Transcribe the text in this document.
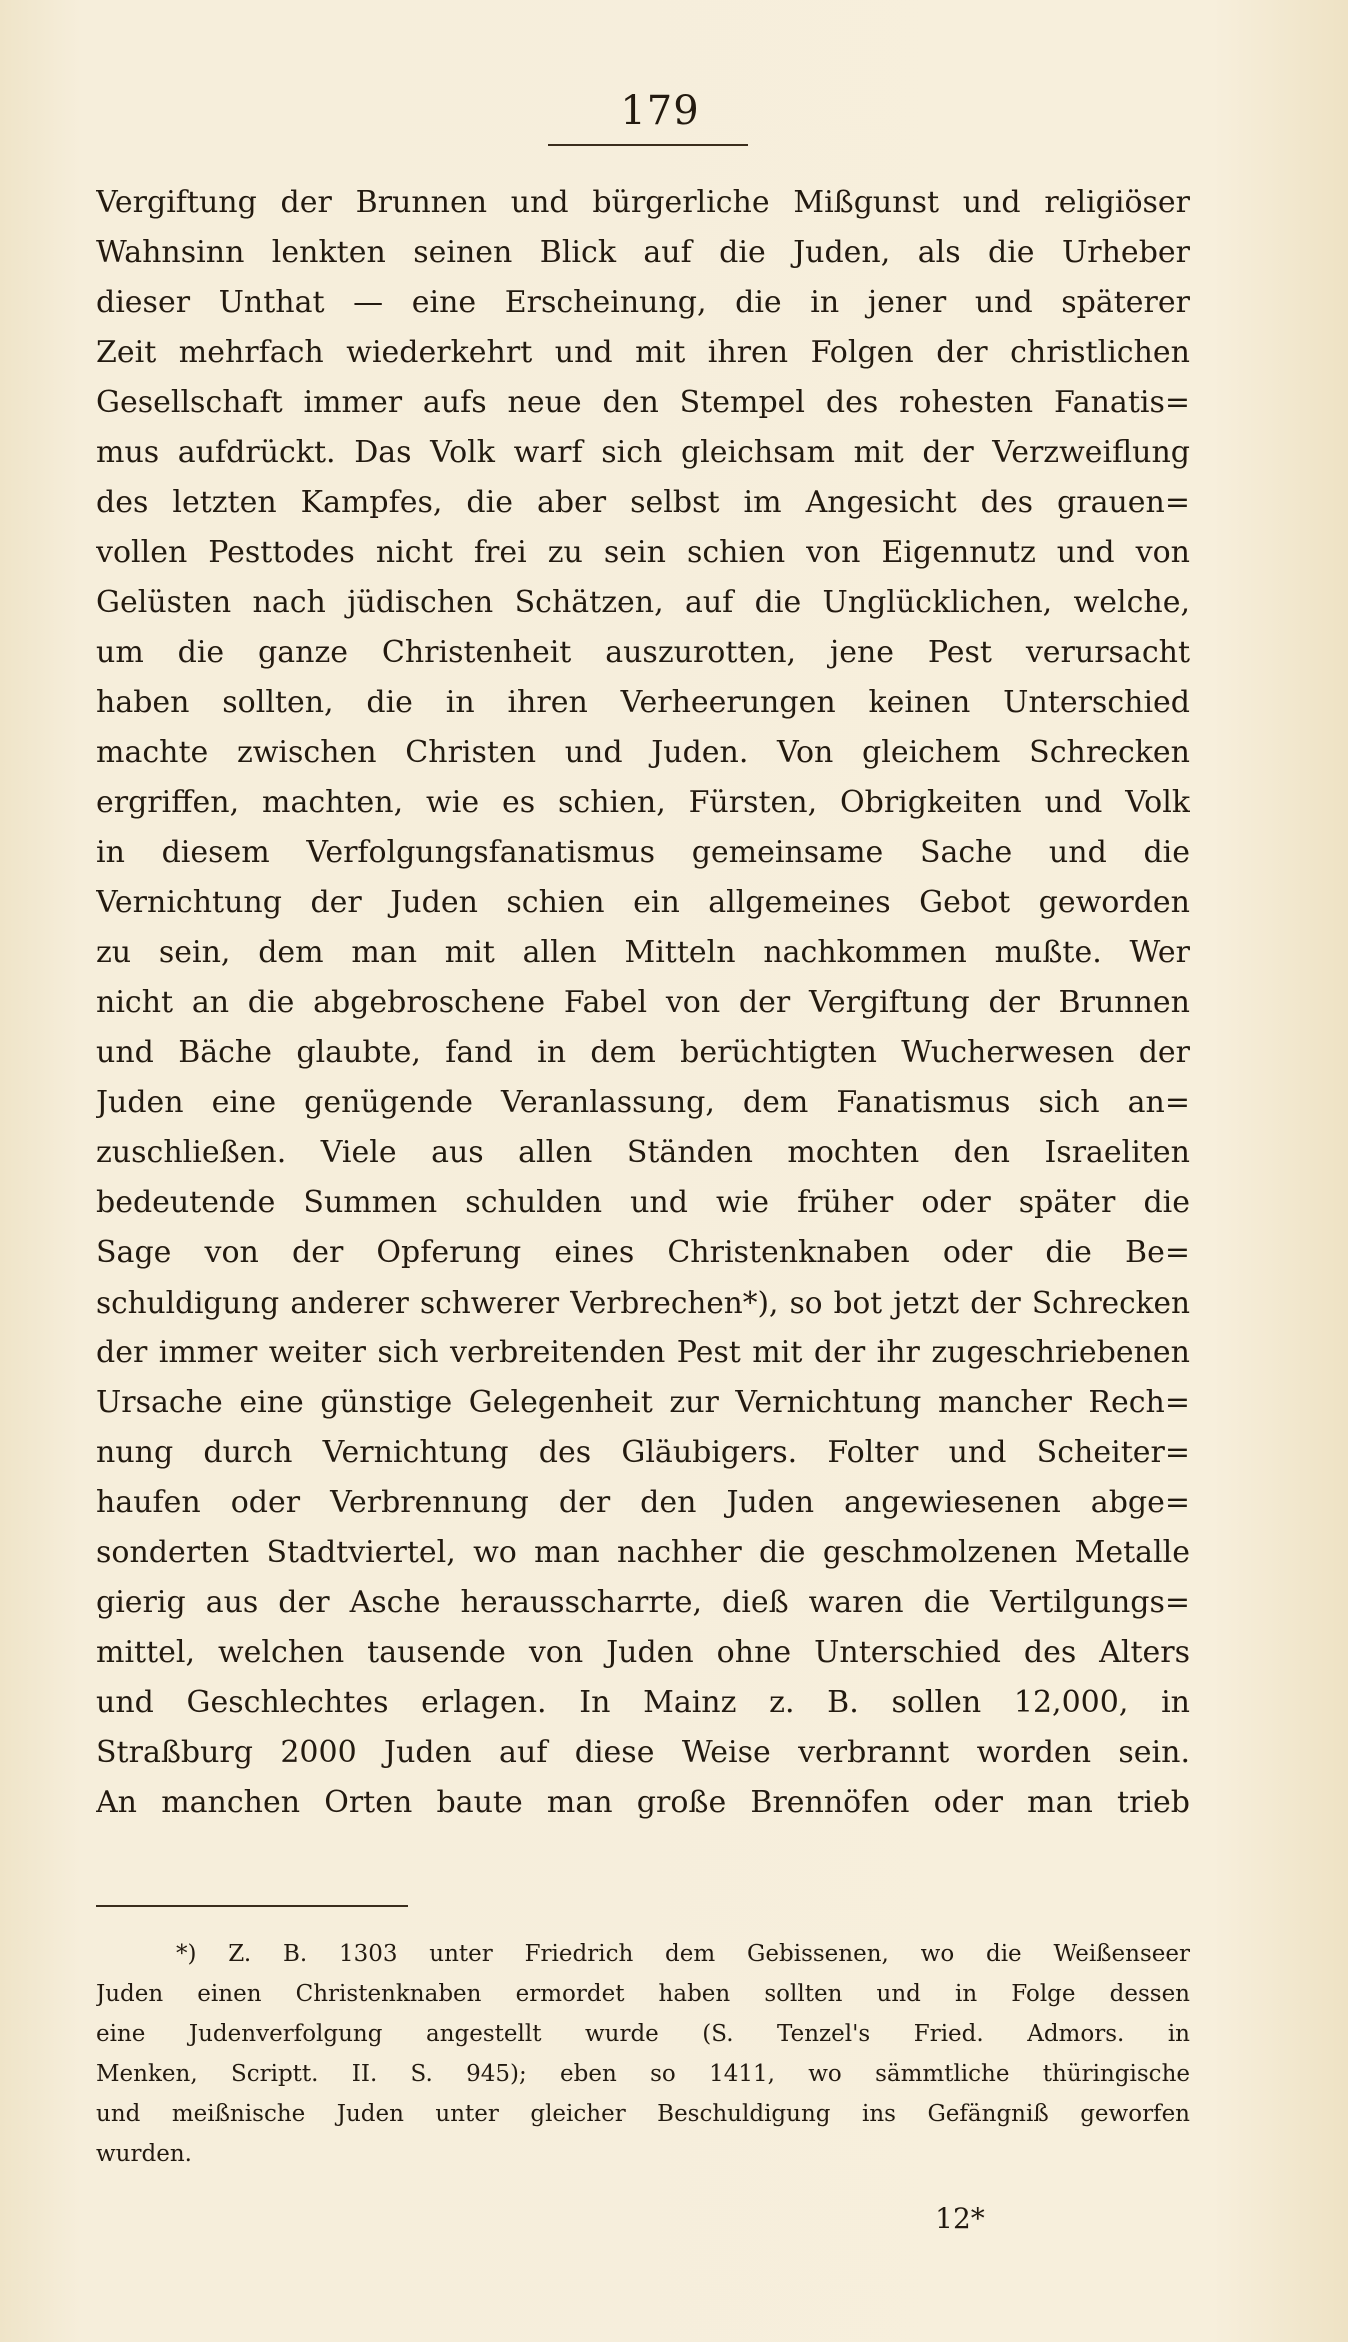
179
Vergiftung der Brunnen und bürgerliche Mißgunst und religiöser
Wahnsinn lenkten seinen Blick auf die Juden, als die Urheber
dieser Unthat — eine Erscheinung, die in jener und späterer
Zeit mehrfach wiederkehrt und mit ihren Folgen der christlichen
Gesellschaft immer aufs neue den Stempel des rohesten Fanatis=
mus aufdrückt. Das Volk warf sich gleichsam mit der Verzweiflung
des letzten Kampfes, die aber selbst im Angesicht des grauen=
vollen Pesttodes nicht frei zu sein schien von Eigennutz und von
Gelüsten nach jüdischen Schätzen, auf die Unglücklichen, welche,
um die ganze Christenheit auszurotten, jene Pest verursacht
haben sollten, die in ihren Verheerungen keinen Unterschied
machte zwischen Christen und Juden. Von gleichem Schrecken
ergriffen, machten, wie es schien, Fürsten, Obrigkeiten und Volk
in diesem Verfolgungsfanatismus gemeinsame Sache und die
Vernichtung der Juden schien ein allgemeines Gebot geworden
zu sein, dem man mit allen Mitteln nachkommen mußte. Wer
nicht an die abgebroschene Fabel von der Vergiftung der Brunnen
und Bäche glaubte, fand in dem berüchtigten Wucherwesen der
Juden eine genügende Veranlassung, dem Fanatismus sich an=
zuschließen. Viele aus allen Ständen mochten den Israeliten
bedeutende Summen schulden und wie früher oder später die
Sage von der Opferung eines Christenknaben oder die Be=
schuldigung anderer schwerer Verbrechen*), so bot jetzt der Schrecken
der immer weiter sich verbreitenden Pest mit der ihr zugeschriebenen
Ursache eine günstige Gelegenheit zur Vernichtung mancher Rech=
nung durch Vernichtung des Gläubigers. Folter und Scheiter=
haufen oder Verbrennung der den Juden angewiesenen abge=
sonderten Stadtviertel, wo man nachher die geschmolzenen Metalle
gierig aus der Asche herausscharrte, dieß waren die Vertilgungs=
mittel, welchen tausende von Juden ohne Unterschied des Alters
und Geschlechtes erlagen. In Mainz z. B. sollen 12,000, in
Straßburg 2000 Juden auf diese Weise verbrannt worden sein.
An manchen Orten baute man große Brennöfen oder man trieb
*) Z. B. 1303 unter Friedrich dem Gebissenen, wo die Weißenseer
Juden einen Christenknaben ermordet haben sollten und in Folge dessen
eine Judenverfolgung angestellt wurde (S. Tenzel's Fried. Admors. in
Menken, Scriptt. II. S. 945); eben so 1411, wo sämmtliche thüringische
und meißnische Juden unter gleicher Beschuldigung ins Gefängniß geworfen
wurden.
12*
